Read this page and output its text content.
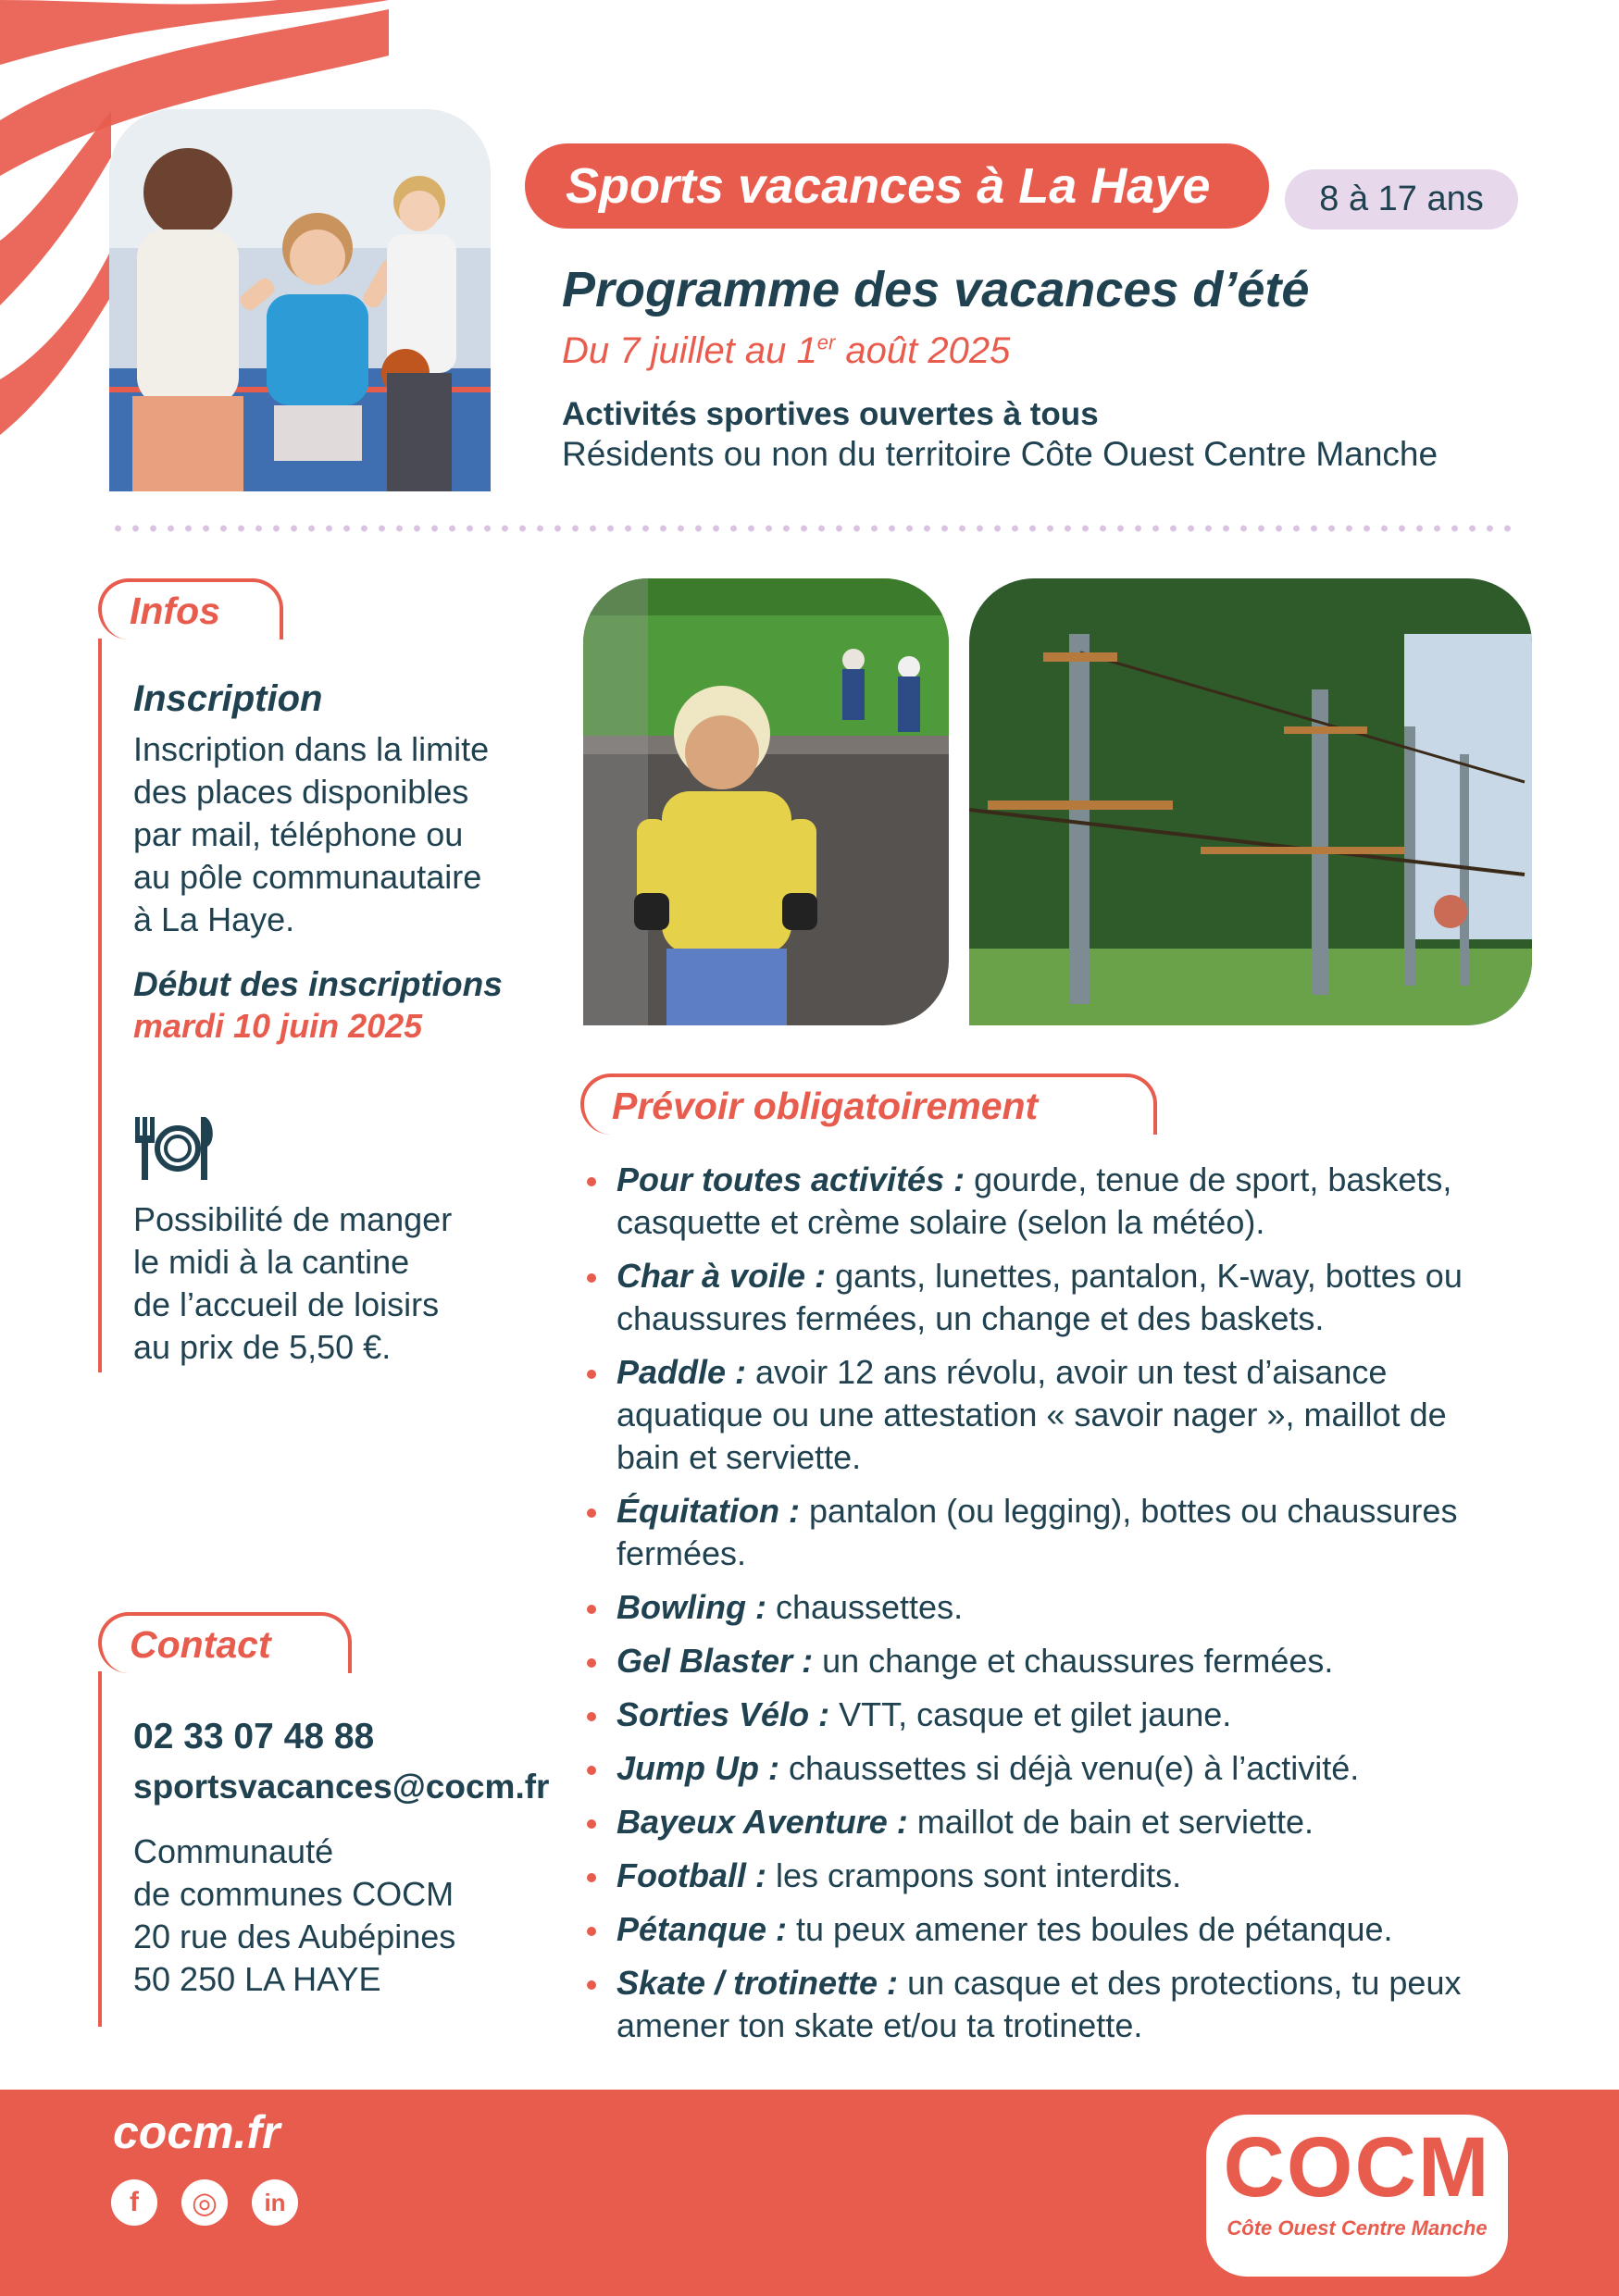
Sports vacances à La Haye	8 à 17 ans
Programme des vacances d’été
Du 7 juillet au 1er août 2025
Activités sportives ouvertes à tous
Résidents ou non du territoire Côte Ouest Centre Manche
Infos
Inscription
Inscription dans la limite
des places disponibles
par mail, téléphone ou
au pôle communautaire
à La Haye.
Début des inscriptions
mardi 10 juin 2025
Possibilité de manger
le midi à la cantine
de l’accueil de loisirs
au prix de 5,50 €.
Contact
02 33 07 48 88
sportsvacances@cocm.fr
Communauté
de communes COCM
20 rue des Aubépines
50 250 LA HAYE
Prévoir obligatoirement
Pour toutes activités : gourde, tenue de sport, baskets, casquette et crème solaire (selon la météo).
Char à voile : gants, lunettes, pantalon, K-way, bottes ou chaussures fermées, un change et des baskets.
Paddle : avoir 12 ans révolu, avoir un test d’aisance aquatique ou une attestation « savoir nager », maillot de bain et serviette.
Équitation : pantalon (ou legging), bottes ou chaussures fermées.
Bowling : chaussettes.
Gel Blaster : un change et chaussures fermées.
Sorties Vélo : VTT, casque et gilet jaune.
Jump Up : chaussettes si déjà venu(e) à l’activité.
Bayeux Aventure : maillot de bain et serviette.
Football : les crampons sont interdits.
Pétanque : tu peux amener tes boules de pétanque.
Skate / trotinette : un casque et des protections, tu peux amener ton skate et/ou ta trotinette.
cocm.fr
f	◎	in	COCM
Côte Ouest Centre Manche
